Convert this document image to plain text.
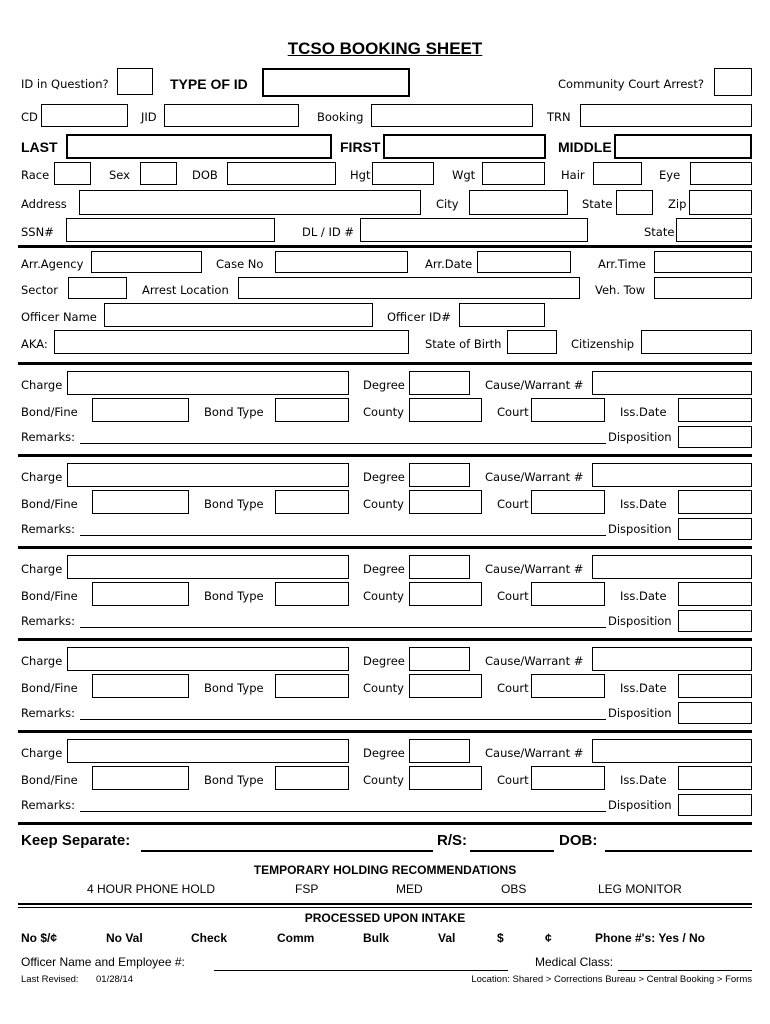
TCSO BOOKING SHEET
ID in Question?	TYPE OF ID	Community Court Arrest?
CD	JID	Booking	TRN
LAST	FIRST	MIDDLE
Race	Sex	DOB	Hgt	Wgt	Hair	Eye
Address	City	State	Zip
SSN#	DL / ID #	State
Arr.Agency	Case No	Arr.Date	Arr.Time
Sector	Arrest Location	Veh. Tow
Officer Name	Officer ID#
AKA:	State of Birth	Citizenship
Charge	Degree	Cause/Warrant #
Bond/Fine	Bond Type	County	Court	Iss.Date
Remarks:	Disposition
Charge	Degree	Cause/Warrant #
Bond/Fine	Bond Type	County	Court	Iss.Date
Remarks:	Disposition
Charge	Degree	Cause/Warrant #
Bond/Fine	Bond Type	County	Court	Iss.Date
Remarks:	Disposition
Charge	Degree	Cause/Warrant #
Bond/Fine	Bond Type	County	Court	Iss.Date
Remarks:	Disposition
Charge	Degree	Cause/Warrant #
Bond/Fine	Bond Type	County	Court	Iss.Date
Remarks:	Disposition
Keep Separate:	R/S:	DOB:
TEMPORARY HOLDING RECOMMENDATIONS
4 HOUR PHONE HOLD	FSP	MED	OBS	LEG MONITOR
PROCESSED UPON INTAKE
No $/¢	No Val	Check	Comm	Bulk	Val	$	¢	Phone #'s: Yes / No
Officer Name and Employee #:	Medical Class:
Last Revised: 01/28/14	Location: Shared > Corrections Bureau > Central Booking > Forms
